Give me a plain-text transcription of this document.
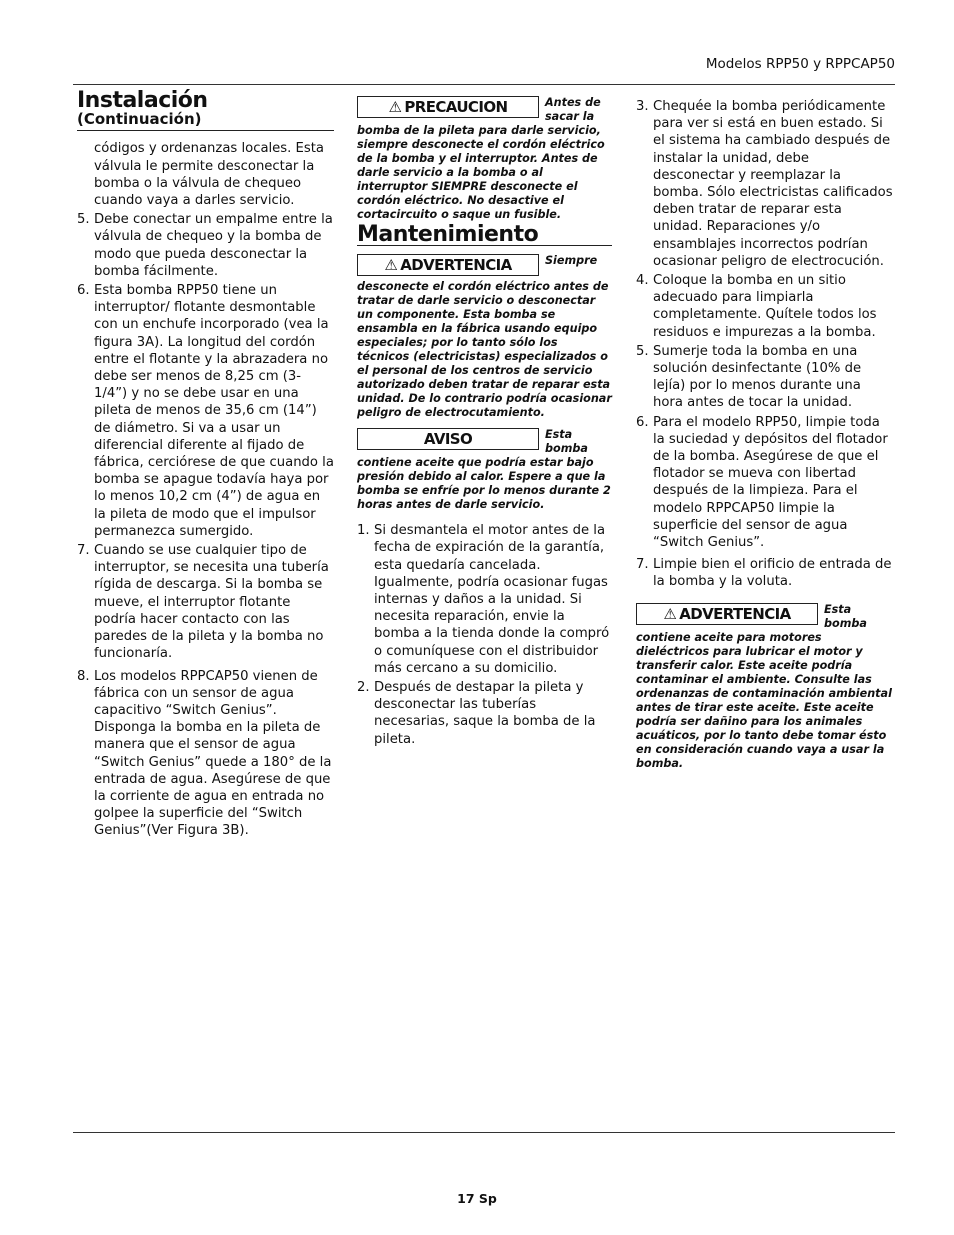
Modelos RPP50 y RPPCAP50
Instalación (Continuación)

códigos y ordenanzas locales. Esta válvula le permite desconectar la bomba o la válvula de chequeo cuando vaya a darles servicio.

5. Debe conectar un empalme entre la válvula de chequeo y la bomba de modo que pueda desconectar la bomba fácilmente.
6. Esta bomba RPP50 tiene un interruptor/ flotante desmontable con un enchufe incorporado (vea la figura 3A). La longitud del cordón entre el flotante y la abrazadera no debe ser menos de 8,25 cm (3-1/4”) y no se debe usar en una pileta de menos de 35,6 cm (14”) de diámetro. Si va a usar un diferencial diferente al fijado de fábrica, cerciórese de que cuando la bomba se apague todavía haya por lo menos 10,2 cm (4”) de agua en la pileta de modo que el impulsor permanezca sumergido.
7. Cuando se use cualquier tipo de interruptor, se necesita una tubería rígida de descarga. Si la bomba se mueve, el interruptor flotante podría hacer contacto con las paredes de la pileta y la bomba no funcionaría.
8. Los modelos RPPCAP50 vienen de fábrica con un sensor de agua capacitivo “Switch Genius”. Disponga la bomba en la pileta de manera que el sensor de agua “Switch Genius” quede a 180° de la entrada de agua. Asegúrese de que la corriente de agua en entrada no golpee la superficie del “Switch Genius”(Ver Figura 3B).

⚠ PRECAUCION	Antes de sacar la bomba de la pileta para darle servicio, siempre desconecte el cordón eléctrico de la bomba y el interruptor. Antes de darle servicio a la bomba o al interruptor SIEMPRE desconecte el cordón eléctrico. No desactive el cortacircuito o saque un fusible.

Mantenimiento

⚠ ADVERTENCIA	Siempre desconecte el cordón eléctrico antes de tratar de darle servicio o desconectar un componente. Esta bomba se ensambla en la fábrica usando equipo especiales; por lo tanto sólo los técnicos (electricistas) especializados o el personal de los centros de servicio autorizado deben tratar de reparar esta unidad. De lo contrario podría ocasionar peligro de electrocutamiento.

AVISO	Esta bomba contiene aceite que podría estar bajo presión debido al calor. Espere a que la bomba se enfríe por lo menos durante 2 horas antes de darle servicio.

1. Si desmantela el motor antes de la fecha de expiración de la garantía, esta quedaría cancelada. Igualmente, podría ocasionar fugas internas y daños a la unidad. Si necesita reparación, envie la bomba a la tienda donde la compró o comuníquese con el distribuidor más cercano a su domicilio.
2. Después de destapar la pileta y desconectar las tuberías necesarias, saque la bomba de la pileta.
3. Chequée la bomba periódicamente para ver si está en buen estado. Si el sistema ha cambiado después de instalar la unidad, debe desconectar y reemplazar la bomba. Sólo electricistas calificados deben tratar de reparar esta unidad. Reparaciones y/o ensamblajes incorrectos podrían ocasionar peligro de electrocución.
4. Coloque la bomba en un sitio adecuado para limpiarla completamente. Quítele todos los residuos e impurezas a la bomba.
5. Sumerje toda la bomba en una solución desinfectante (10% de lejía) por lo menos durante una hora antes de tocar la unidad.
6. Para el modelo RPP50, limpie toda la suciedad y depósitos del flotador de la bomba. Asegúrese de que el flotador se mueva con libertad después de la limpieza. Para el modelo RPPCAP50 limpie la superficie del sensor de agua “Switch Genius”.
7. Limpie bien el orificio de entrada de la bomba y la voluta.

⚠ ADVERTENCIA	Esta bomba contiene aceite para motores dieléctricos para lubricar el motor y transferir calor. Este aceite podría contaminar el ambiente. Consulte las ordenanzas de contaminación ambiental antes de tirar este aceite. Este aceite podría ser dañino para los animales acuáticos, por lo tanto debe tomar ésto en consideración cuando vaya a usar la bomba.

17 Sp
